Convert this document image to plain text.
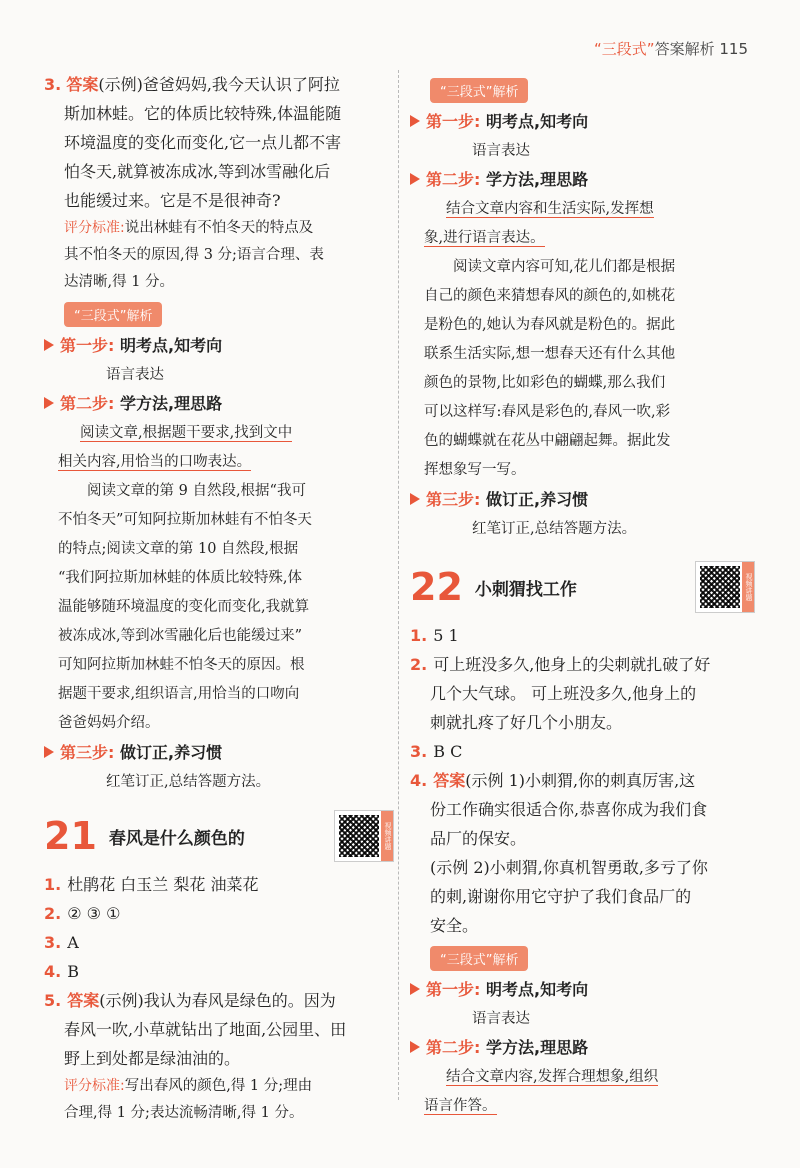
“三段式”答案解析 115

3. 答案(示例)爸爸妈妈,我今天认识了阿拉

斯加林蛙。它的体质比较特殊,体温能随

环境温度的变化而变化,它一点儿都不害

怕冬天,就算被冻成冰,等到冰雪融化后

也能缓过来。它是不是很神奇?

评分标准:说出林蛙有不怕冬天的特点及

其不怕冬天的原因,得 3 分;语言合理、表

达清晰,得 1 分。

“三段式”解析
第一步: 明考点,知考向

语言表达

第二步: 学方法,理思路

阅读文章,根据题干要求,找到文中

相关内容,用恰当的口吻表达。

阅读文章的第 9 自然段,根据“我可

不怕冬天”可知阿拉斯加林蛙有不怕冬天

的特点;阅读文章的第 10 自然段,根据

“我们阿拉斯加林蛙的体质比较特殊,体

温能够随环境温度的变化而变化,我就算

被冻成冰,等到冰雪融化后也能缓过来”

可知阿拉斯加林蛙不怕冬天的原因。根

据题干要求,组织语言,用恰当的口吻向

爸爸妈妈介绍。

第三步: 做订正,养习惯

红笔订正,总结答题方法。

21 春风是什么颜色的	视频讲题

1. 杜鹃花 白玉兰 梨花 油菜花

2. ② ③ ①

3. A

4. B

5. 答案(示例)我认为春风是绿色的。因为

春风一吹,小草就钻出了地面,公园里、田

野上到处都是绿油油的。

评分标准:写出春风的颜色,得 1 分;理由

合理,得 1 分;表达流畅清晰,得 1 分。

“三段式”解析
第一步: 明考点,知考向

语言表达

第二步: 学方法,理思路

结合文章内容和生活实际,发挥想

象,进行语言表达。

阅读文章内容可知,花儿们都是根据

自己的颜色来猜想春风的颜色的,如桃花

是粉色的,她认为春风就是粉色的。据此

联系生活实际,想一想春天还有什么其他

颜色的景物,比如彩色的蝴蝶,那么我们

可以这样写:春风是彩色的,春风一吹,彩

色的蝴蝶就在花丛中翩翩起舞。据此发

挥想象写一写。

第三步: 做订正,养习惯

红笔订正,总结答题方法。

22 小刺猬找工作	视频讲题

1. 5 1

2. 可上班没多久,他身上的尖刺就扎破了好

几个大气球。 可上班没多久,他身上的

刺就扎疼了好几个小朋友。

3. B C

4. 答案(示例 1)小刺猬,你的刺真厉害,这

份工作确实很适合你,恭喜你成为我们食

品厂的保安。

(示例 2)小刺猬,你真机智勇敢,多亏了你

的刺,谢谢你用它守护了我们食品厂的

安全。

“三段式”解析
第一步: 明考点,知考向

语言表达

第二步: 学方法,理思路

结合文章内容,发挥合理想象,组织

语言作答。
